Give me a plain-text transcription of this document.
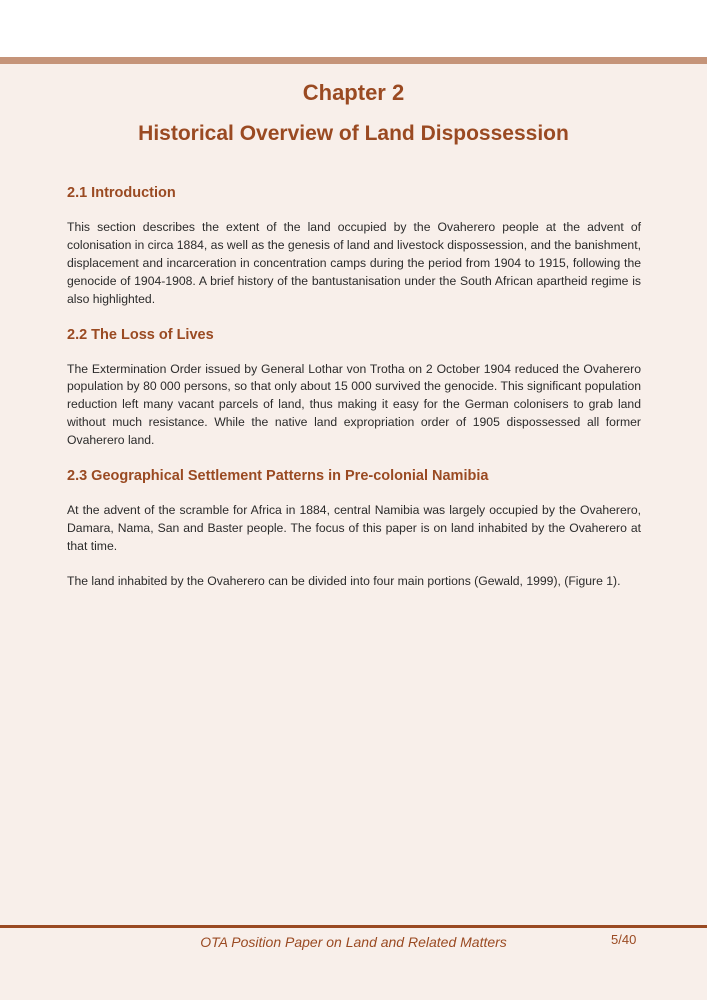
Chapter 2
Historical Overview of Land Dispossession
2.1 Introduction

This section describes the extent of the land occupied by the Ovaherero people at the advent of colonisation in circa 1884, as well as the genesis of land and livestock dispossession, and the banishment, displacement and incarceration in concentration camps during the period from 1904 to 1915, following the genocide of 1904-1908. A brief history of the bantustanisation under the South African apartheid regime is also highlighted.

2.2 The Loss of Lives

The Extermination Order issued by General Lothar von Trotha on 2 October 1904 reduced the Ovaherero population by 80 000 persons, so that only about 15 000 survived the genocide. This significant population reduction left many vacant parcels of land, thus making it easy for the German colonisers to grab land without much resistance. While the native land expropriation order of 1905 dispossessed all former Ovaherero land.

2.3 Geographical Settlement Patterns in Pre-colonial Namibia

At the advent of the scramble for Africa in 1884, central Namibia was largely occupied by the Ovaherero, Damara, Nama, San and Baster people. The focus of this paper is on land inhabited by the Ovaherero at that time.

The land inhabited by the Ovaherero can be divided into four main portions (Gewald, 1999), (Figure 1).

OTA Position Paper on Land and Related Matters	5/40
